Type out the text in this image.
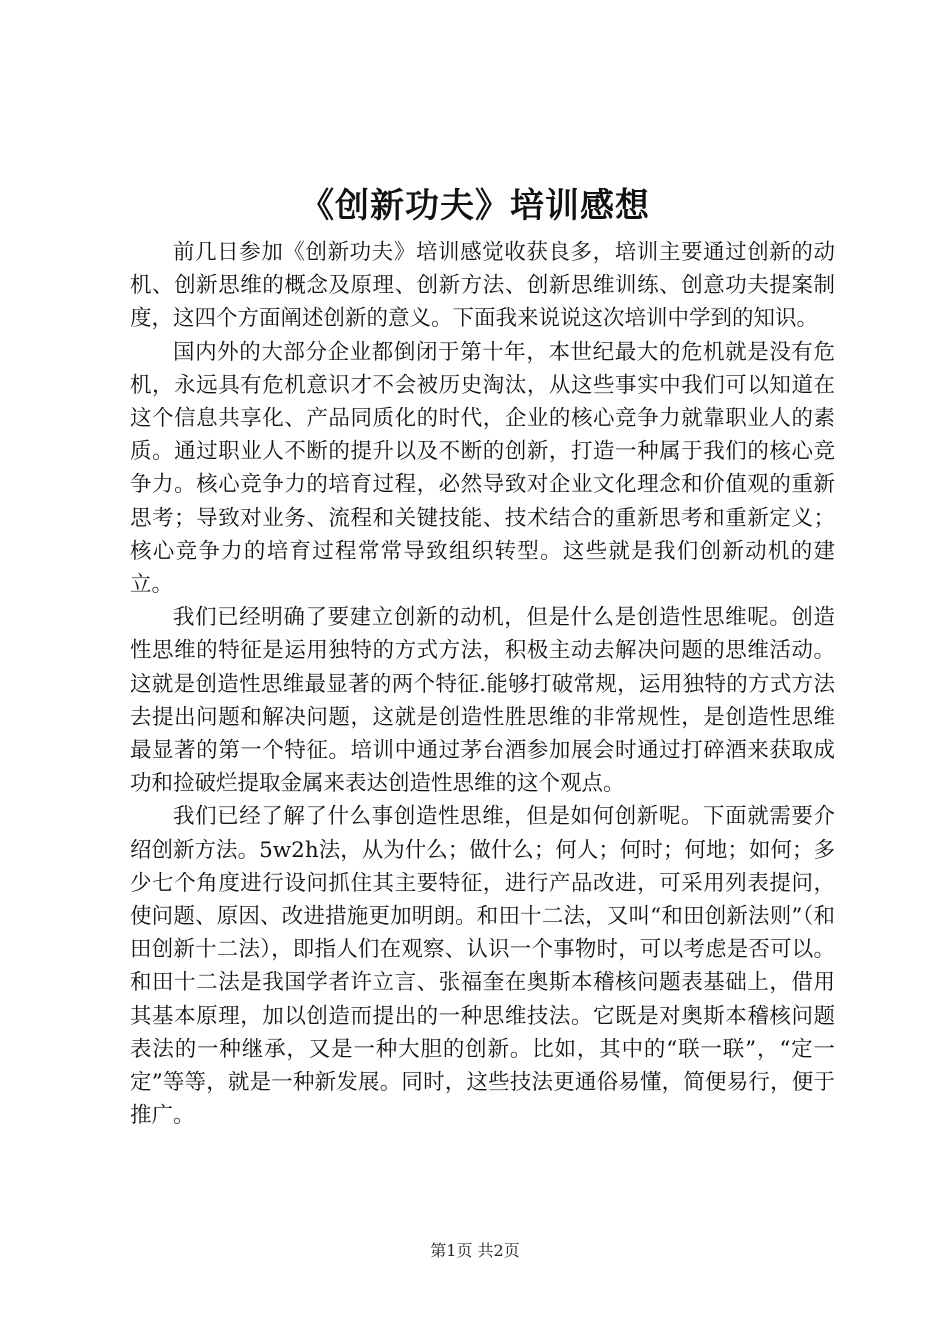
《创新功夫》培训感想

前几日参加《创新功夫》培训感觉收获良多，培训主要通过创新的动机、创新思维的概念及原理、创新方法、创新思维训练、创意功夫提案制度，这四个方面阐述创新的意义。下面我来说说这次培训中学到的知识。

国内外的大部分企业都倒闭于第十年，本世纪最大的危机就是没有危机，永远具有危机意识才不会被历史淘汰，从这些事实中我们可以知道在这个信息共享化、产品同质化的时代，企业的核心竞争力就靠职业人的素质。通过职业人不断的提升以及不断的创新，打造一种属于我们的核心竞争力。核心竞争力的培育过程，必然导致对企业文化理念和价值观的重新思考；导致对业务、流程和关键技能、技术结合的重新思考和重新定义；核心竞争力的培育过程常常导致组织转型。这些就是我们创新动机的建立。

我们已经明确了要建立创新的动机，但是什么是创造性思维呢。创造性思维的特征是运用独特的方式方法，积极主动去解决问题的思维活动。这就是创造性思维最显著的两个特征.能够打破常规，运用独特的方式方法去提出问题和解决问题，这就是创造性胜思维的非常规性，是创造性思维最显著的第一个特征。培训中通过茅台酒参加展会时通过打碎酒来获取成功和捡破烂提取金属来表达创造性思维的这个观点。

我们已经了解了什么事创造性思维，但是如何创新呢。下面就需要介绍创新方法。5w2h法，从为什么；做什么；何人；何时；何地；如何；多少七个角度进行设问抓住其主要特征，进行产品改进，可采用列表提问，使问题、原因、改进措施更加明朗。和田十二法，又叫“和田创新法则”（和田创新十二法），即指人们在观察、认识一个事物时，可以考虑是否可以。和田十二法是我国学者许立言、张福奎在奥斯本稽核问题表基础上，借用其基本原理，加以创造而提出的一种思维技法。它既是对奥斯本稽核问题表法的一种继承，又是一种大胆的创新。比如，其中的“联一联”，“定一定”等等，就是一种新发展。同时，这些技法更通俗易懂，简便易行，便于推广。

第1页 共2页
